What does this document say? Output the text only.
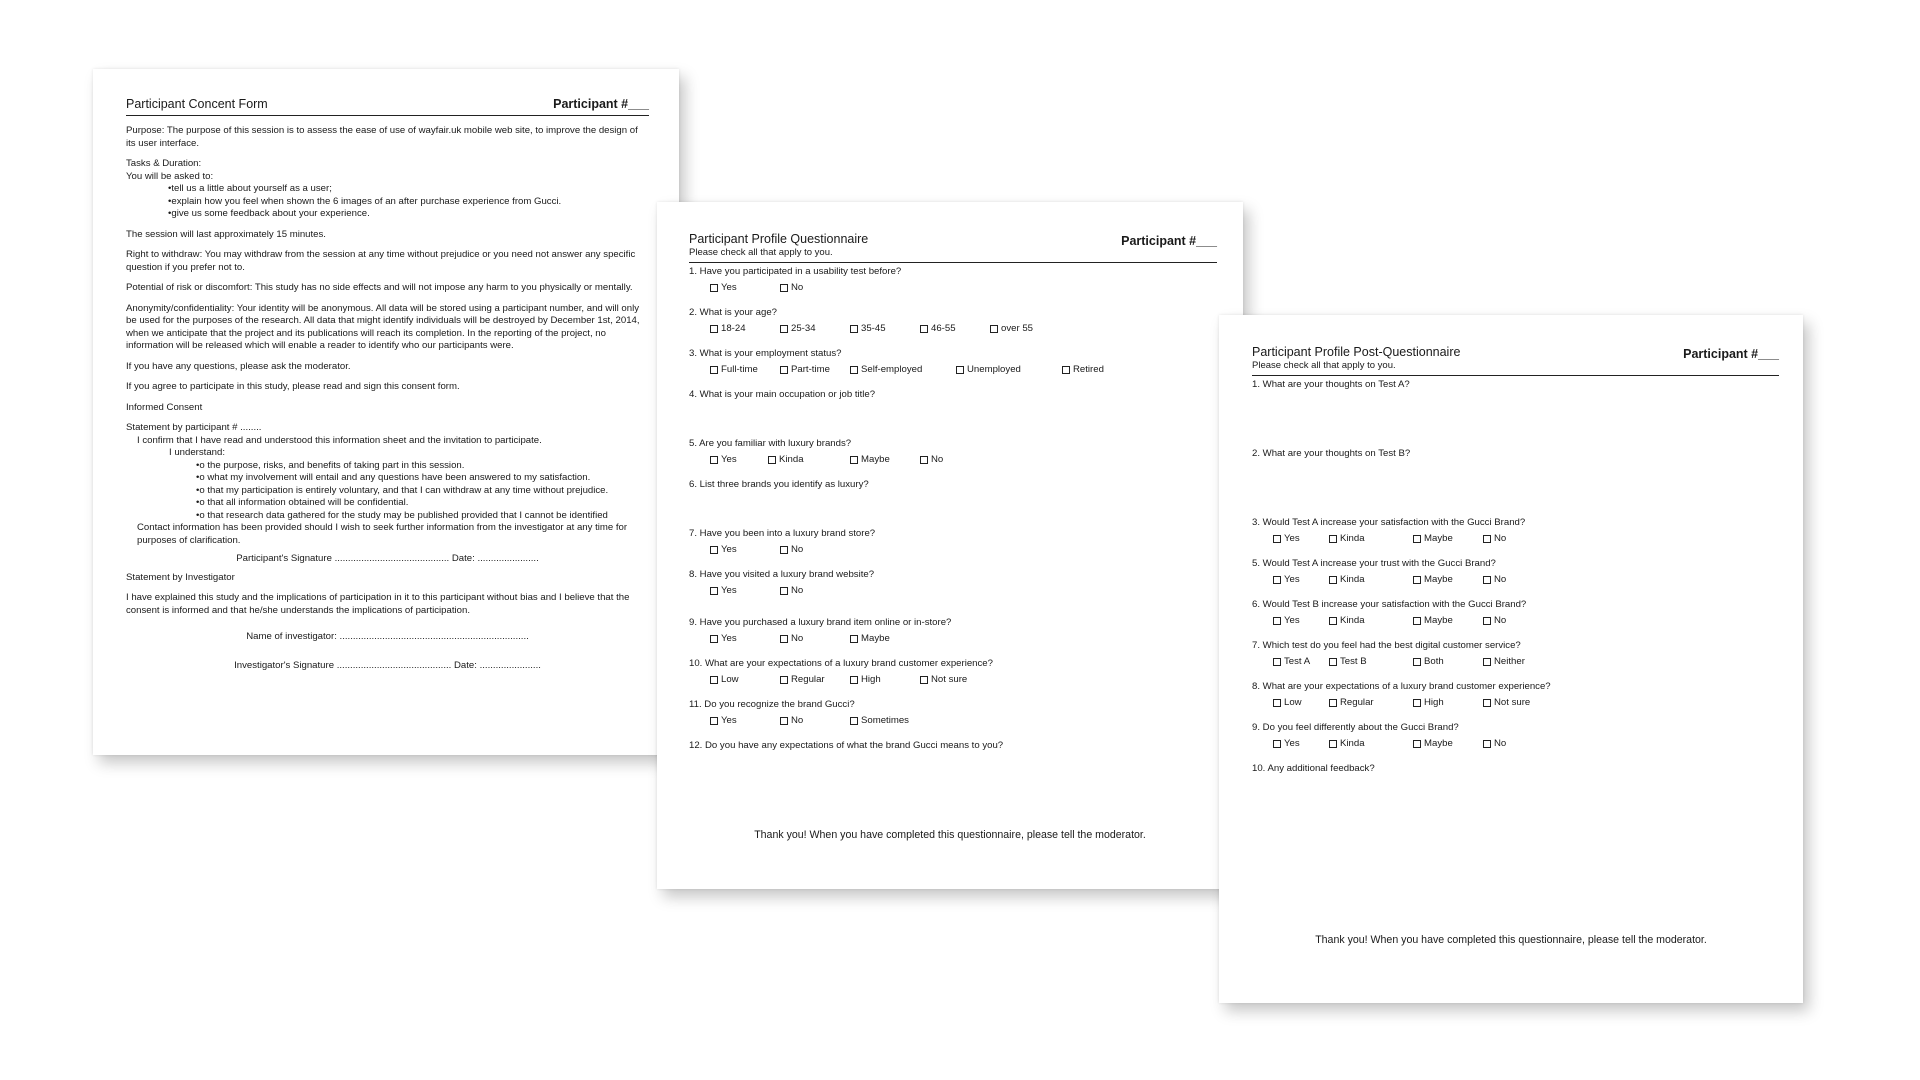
Participant Concent Form	Participant #___

Purpose: The purpose of this session is to assess the ease of use of wayfair.uk mobile web site, to improve the design of its user interface.

Tasks & Duration:
You will be asked to:
• tell us a little about yourself as a user;
• explain how you feel when shown the 6 images of an after purchase experience from Gucci.
• give us some feedback about your experience.

The session will last approximately 15 minutes.

Right to withdraw: You may withdraw from the session at any time without prejudice or you need not answer any specific question if you prefer not to.

Potential of risk or discomfort: This study has no side effects and will not impose any harm to you physically or mentally.

Anonymity/confidentiality: Your identity will be anonymous. All data will be stored using a participant number, and will only be used for the purposes of the research. All data that might identify individuals will be destroyed by December 1st, 2014, when we anticipate that the project and its publications will reach its completion. In the reporting of the project, no information will be released which will enable a reader to identify who our participants were.

If you have any questions, please ask the moderator.

If you agree to participate in this study, please read and sign this consent form.

Informed Consent

Statement by participant # ........
I confirm that I have read and understood this information sheet and the invitation to participate.
I understand:
• o the purpose, risks, and benefits of taking part in this session.
• o what my involvement will entail and any questions have been answered to my satisfaction.
• o that my participation is entirely voluntary, and that I can withdraw at any time without prejudice.
• o that all information obtained will be confidential.
• o that research data gathered for the study may be published provided that I cannot be identified
Contact information has been provided should I wish to seek further information from the investigator at any time for purposes of clarification.
Participant's Signature ........................................... Date: .......................

Statement by Investigator

I have explained this study and the implications of participation in it to this participant without bias and I believe that the consent is informed and that he/she understands the implications of participation.

Name of investigator: .......................................................................
Investigator's Signature ........................................... Date: .......................
Participant Profile Questionnaire
Please check all that apply to you.
Participant #___
1. Have you participated in a usability test before?
Yes	No
2. What is your age?
18-24	25-34	35-45	46-55	over 55
3. What is your employment status?
Full-time	Part-time	Self-employed	Unemployed	Retired
4. What is your main occupation or job title?
5. Are you familiar with luxury brands?
Yes	Kinda	Maybe	No
6. List three brands you identify as luxury?
7. Have you been into a luxury brand store?
Yes	No
8. Have you visited a luxury brand website?
Yes	No
9. Have you purchased a luxury brand item online or in-store?
Yes	No	Maybe
10. What are your expectations of a luxury brand customer experience?
Low	Regular	High	Not sure
11. Do you recognize the brand Gucci?
Yes	No	Sometimes
12. Do you have any expectations of what the brand Gucci means to you?
Thank you! When you have completed this questionnaire, please tell the moderator.
Participant Profile Post-Questionnaire
Please check all that apply to you.
Participant #___
1. What are your thoughts on Test A?
2. What are your thoughts on Test B?
3. Would Test A increase your satisfaction with the Gucci Brand?
Yes	Kinda	Maybe	No
5. Would Test A increase your trust with the Gucci Brand?
Yes	Kinda	Maybe	No
6. Would Test B increase your satisfaction with the Gucci Brand?
Yes	Kinda	Maybe	No
7. Which test do you feel had the best digital customer service?
Test A	Test B	Both	Neither
8. What are your expectations of a luxury brand customer experience?
Low	Regular	High	Not sure
9. Do you feel differently about the Gucci Brand?
Yes	Kinda	Maybe	No
10. Any additional feedback?
Thank you! When you have completed this questionnaire, please tell the moderator.
